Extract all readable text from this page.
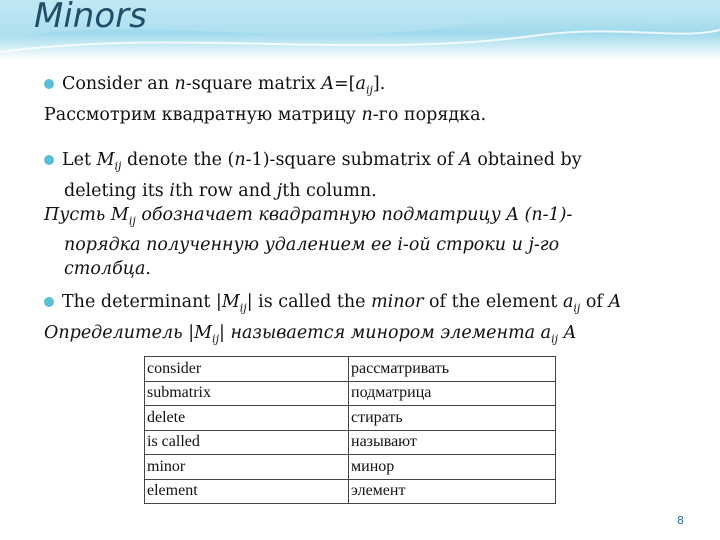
Minors
Consider an n-square matrix $A=[a_{ij}]$.
Рассмотрим квадратную матрицу n-го порядка.
Let $M_{ij}$ denote the (n-1)-square submatrix of A obtained by
deleting its ith row and jth column.
Пусть $M_{ij}$ обозначает квадратную подматрицу A (n-1)-
порядка полученную удалением ее i-ой строки и j-го
столбца.
The determinant $|M_{ij}|$ is called the minor of the element $a_{ij}$ of A
Определитель $|M_{ij}|$ называется минором элемента $a_{ij}$ A
consider	рассматривать
submatrix	подматрица
delete	стирать
is called	называют
minor	минор
element	элемент
8
